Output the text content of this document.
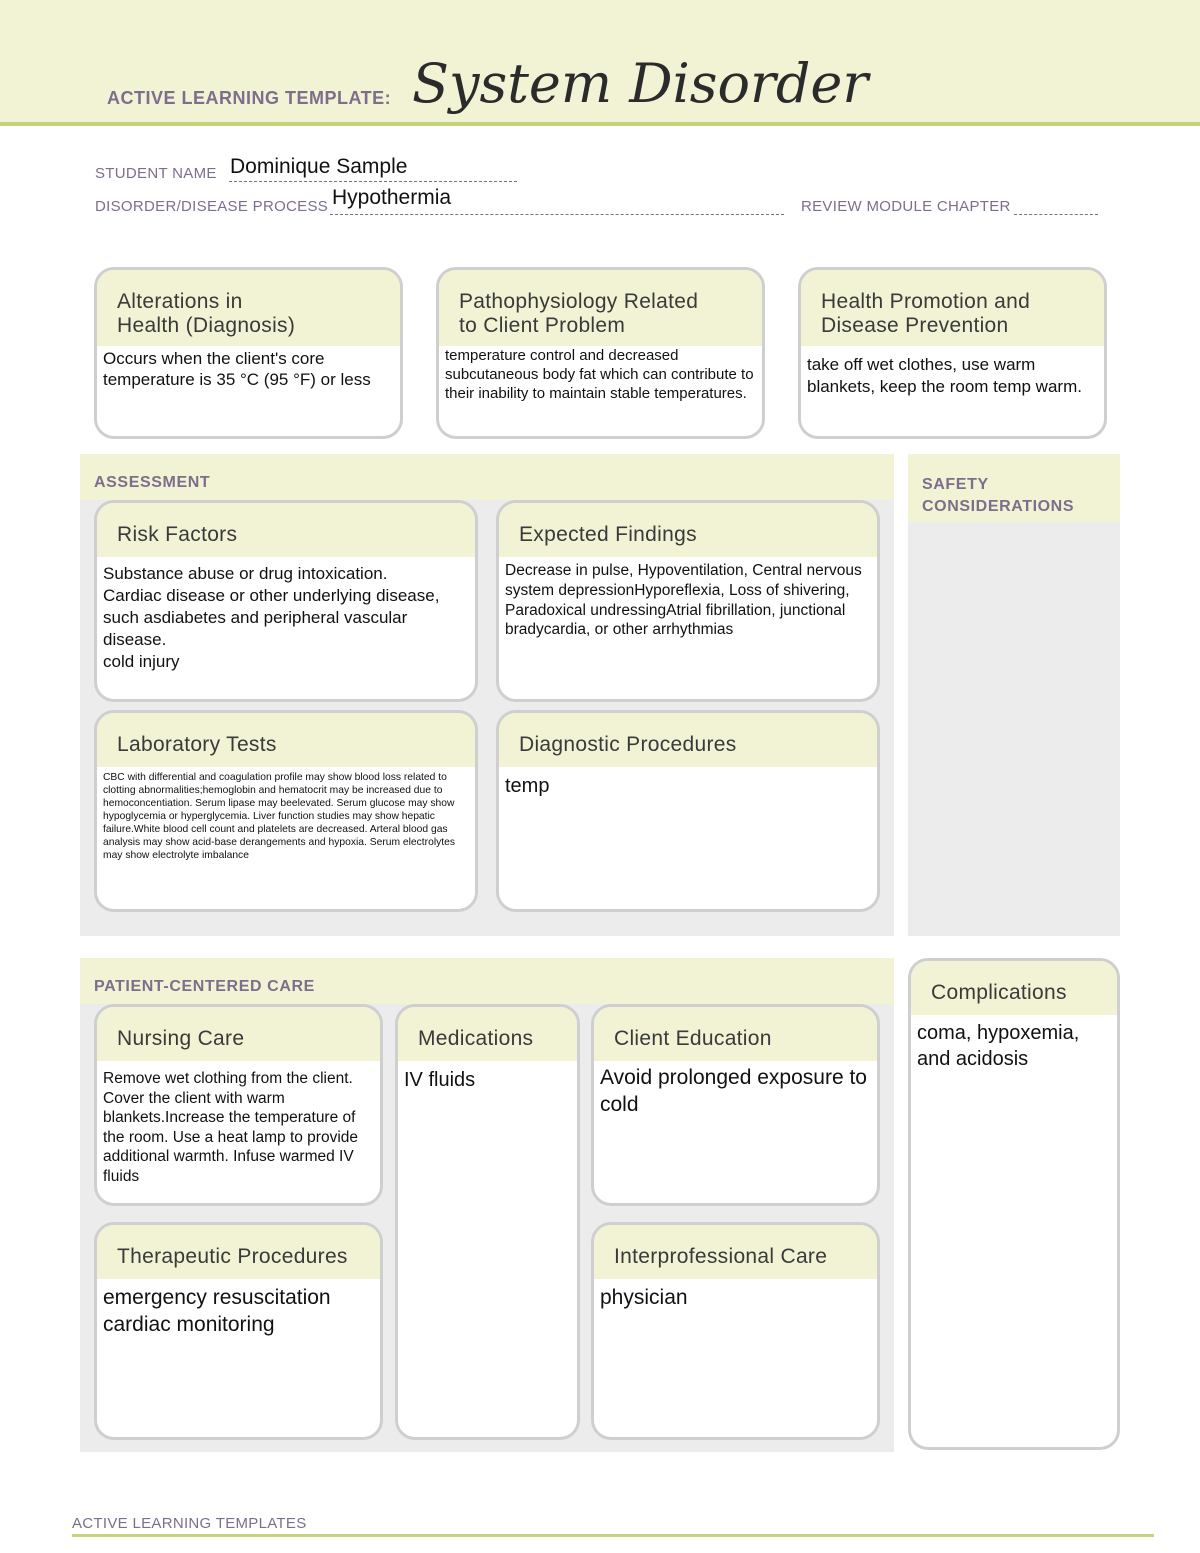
ACTIVE LEARNING TEMPLATE: System Disorder
STUDENT NAME Dominique Sample
DISORDER/DISEASE PROCESS Hypothermia	REVIEW MODULE CHAPTER
Alterations in
Health (Diagnosis)
Occurs when the client's core temperature is 35 °C (95 °F) or less
Pathophysiology Related
to Client Problem
temperature control and decreased subcutaneous body fat which can contribute to their inability to maintain stable temperatures.
Health Promotion and
Disease Prevention
take off wet clothes, use warm blankets, keep the room temp warm.
ASSESSMENT
Risk Factors
Substance abuse or drug intoxication.
Cardiac disease or other underlying disease, such asdiabetes and peripheral vascular disease.
cold injury
Expected Findings
Decrease in pulse, Hypoventilation, Central nervous system depressionHyporeflexia, Loss of shivering, Paradoxical undressingAtrial fibrillation, junctional bradycardia, or other arrhythmias
Laboratory Tests
CBC with differential and coagulation profile may show blood loss related to clotting abnormalities;hemoglobin and hematocrit may be increased due to hemoconcentiation. Serum lipase may beelevated. Serum glucose may show hypoglycemia or hyperglycemia. Liver function studies may show hepatic failure.White blood cell count and platelets are decreased. Arteral blood gas analysis may show acid-base derangements and hypoxia. Serum electrolytes may show electrolyte imbalance
Diagnostic Procedures
temp
SAFETY
CONSIDERATIONS
PATIENT-CENTERED CARE
Nursing Care
Remove wet clothing from the client. Cover the client with warm blankets.Increase the temperature of the room. Use a heat lamp to provide additional warmth. Infuse warmed IV fluids
Medications
IV fluids
Client Education
Avoid prolonged exposure to cold
Therapeutic Procedures
emergency resuscitation
cardiac monitoring
Interprofessional Care
physician
Complications
coma, hypoxemia, and acidosis
ACTIVE LEARNING TEMPLATES
